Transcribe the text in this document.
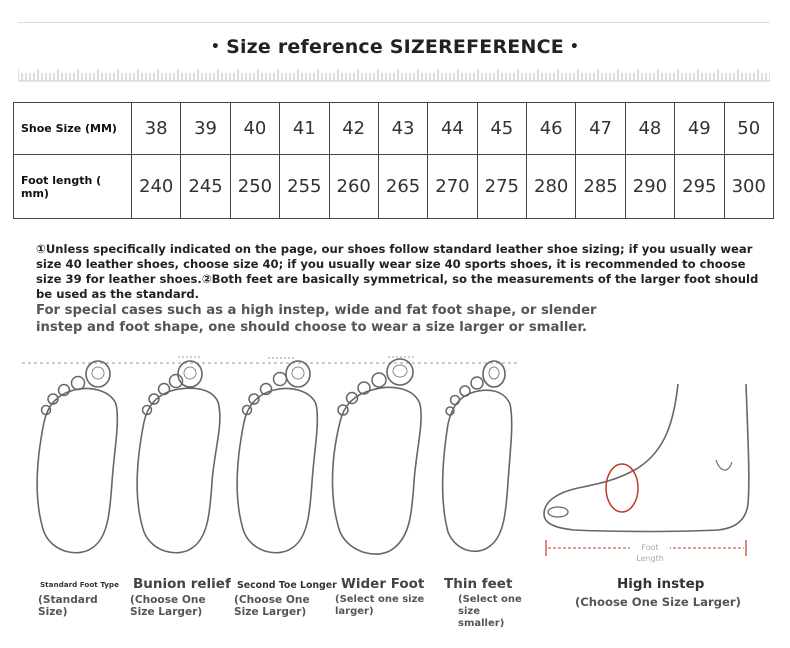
• Size reference SIZEREFERENCE •
Shoe Size (MM)	38	39	40	41	42	43	44	45	46	47	48	49	50
Foot length ( mm)	240	245	250	255	260	265	270	275	280	285	290	295	300

①Unless specifically indicated on the page, our shoes follow standard leather shoe sizing; if you usually wear size 40 leather shoes, choose size 40; if you usually wear size 40 sports shoes, it is recommended to choose size 39 for leather shoes.②Both feet are basically symmetrical, so the measurements of the larger foot should be used as the standard.

For special cases such as a high instep, wide and fat foot shape, or slender instep and foot shape, one should choose to wear a size larger or smaller.
Foot
Length
Standard Foot Type
(Standard Size)
Bunion relief
(Choose One Size Larger)
Second Toe Longer
(Choose One Size Larger)
Wider Foot
(Select one size larger)
Thin feet
(Select one size smaller)
High instep
(Choose One Size Larger)
